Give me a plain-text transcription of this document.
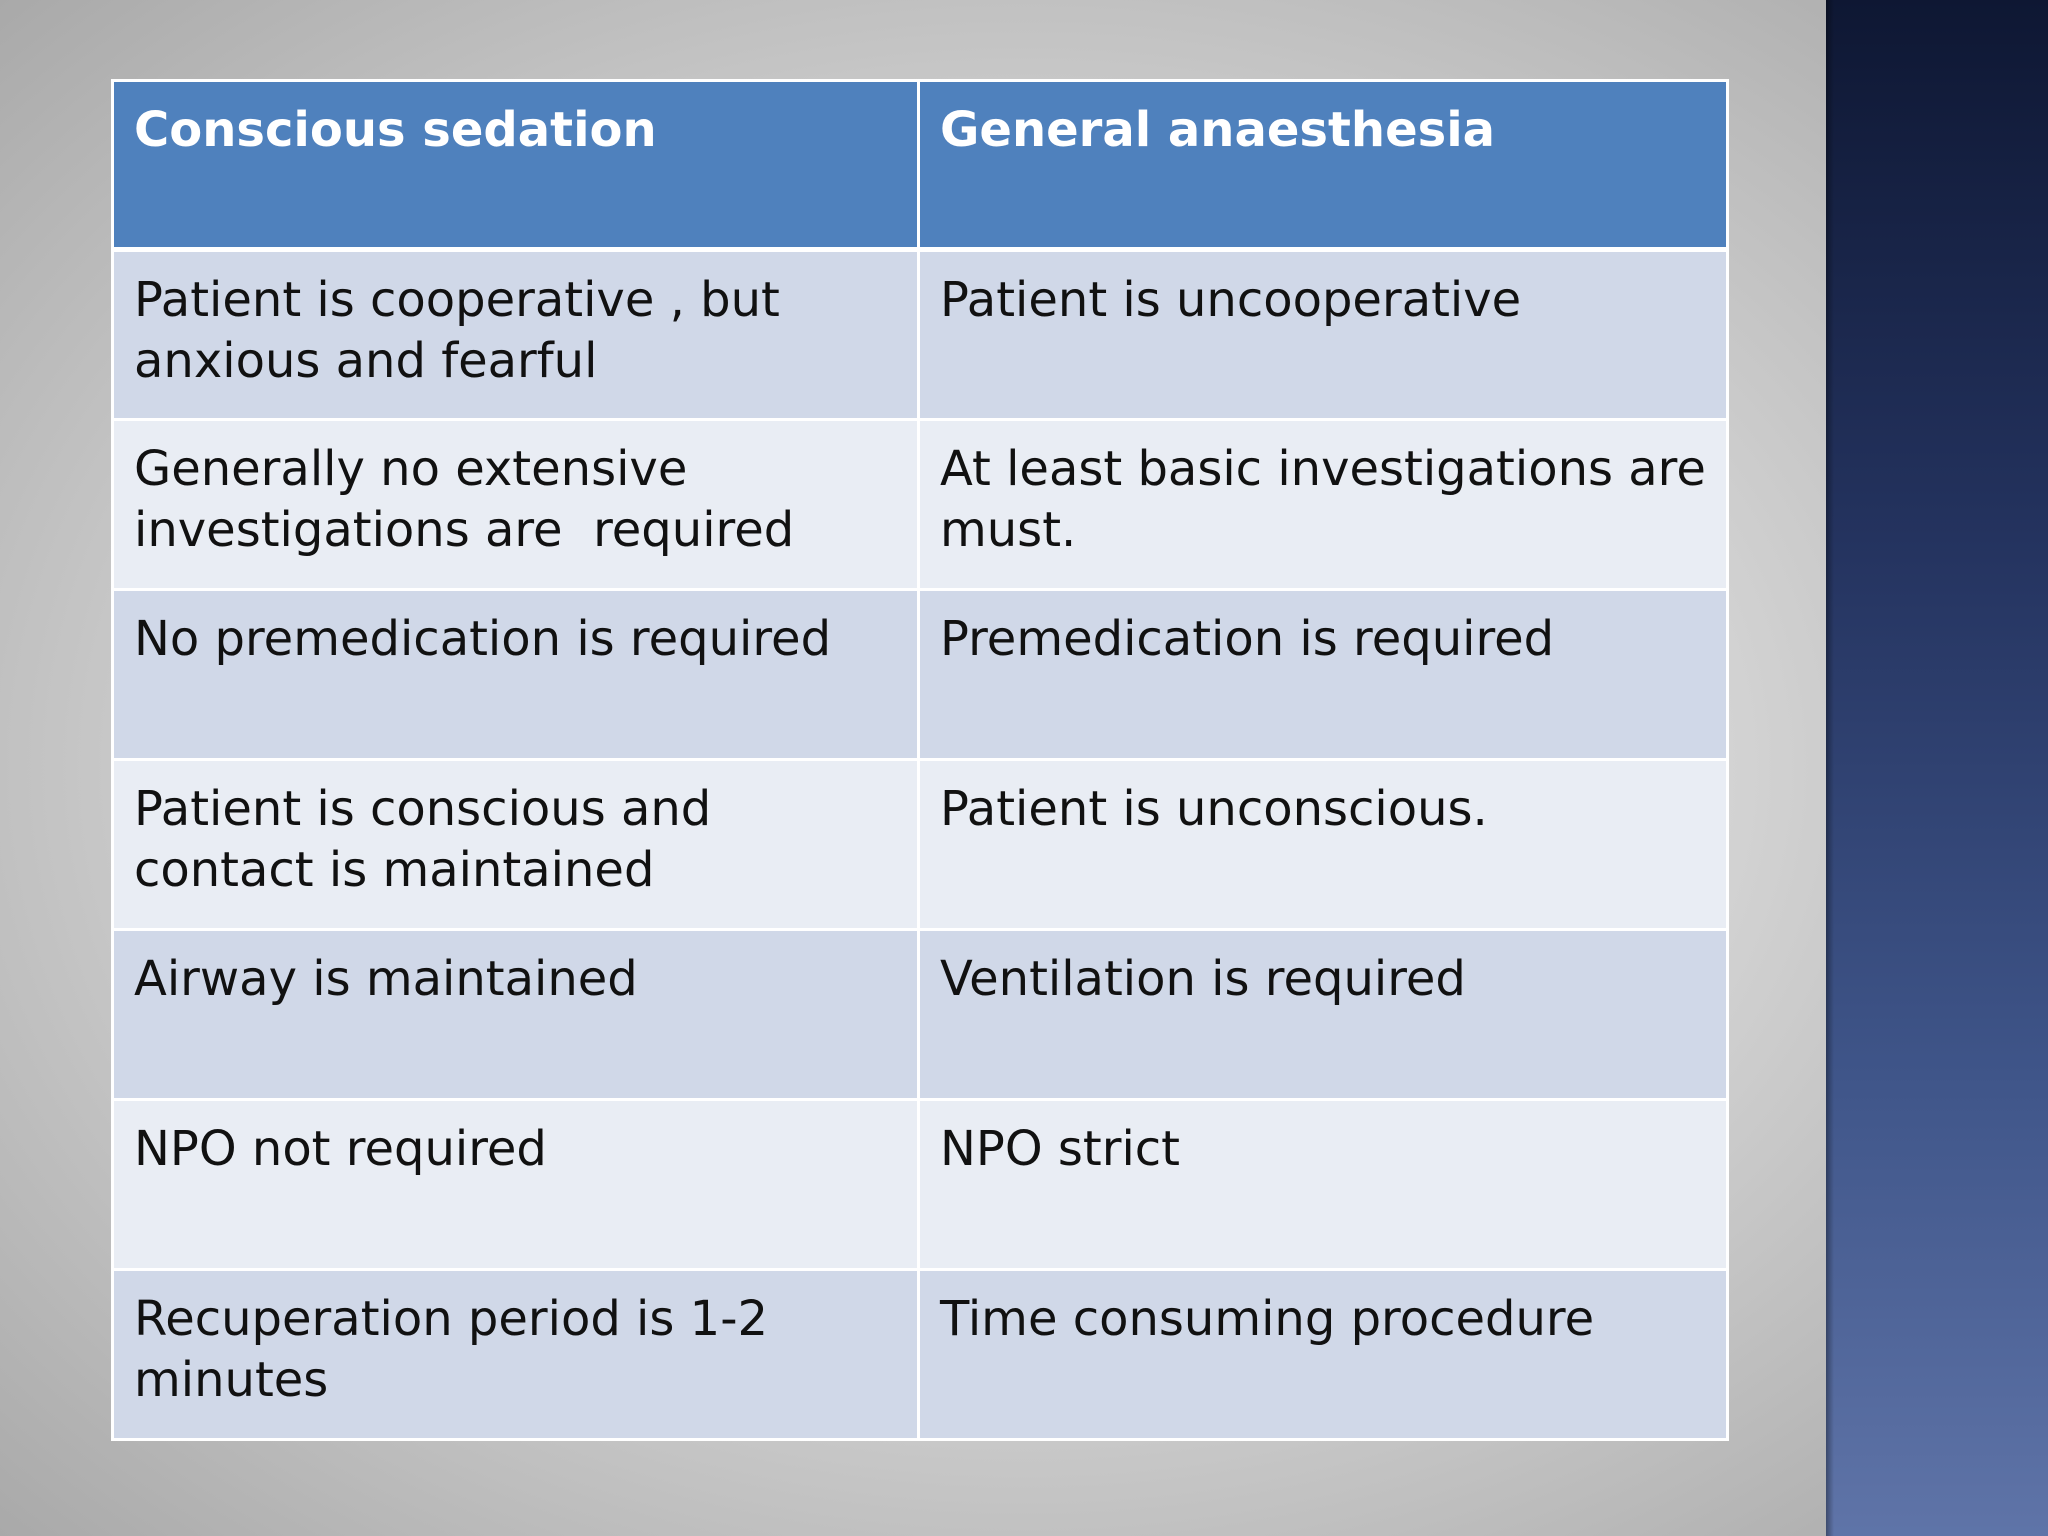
Conscious sedation	General anaesthesia
Patient is cooperative , but anxious and fearful	Patient is uncooperative
Generally no extensive investigations are  required	At least basic investigations are must.
No premedication is required	Premedication is required
Patient is conscious and contact is maintained	Patient is unconscious.
Airway is maintained	Ventilation is required
NPO not required	NPO strict
Recuperation period is 1-2 minutes	Time consuming procedure
